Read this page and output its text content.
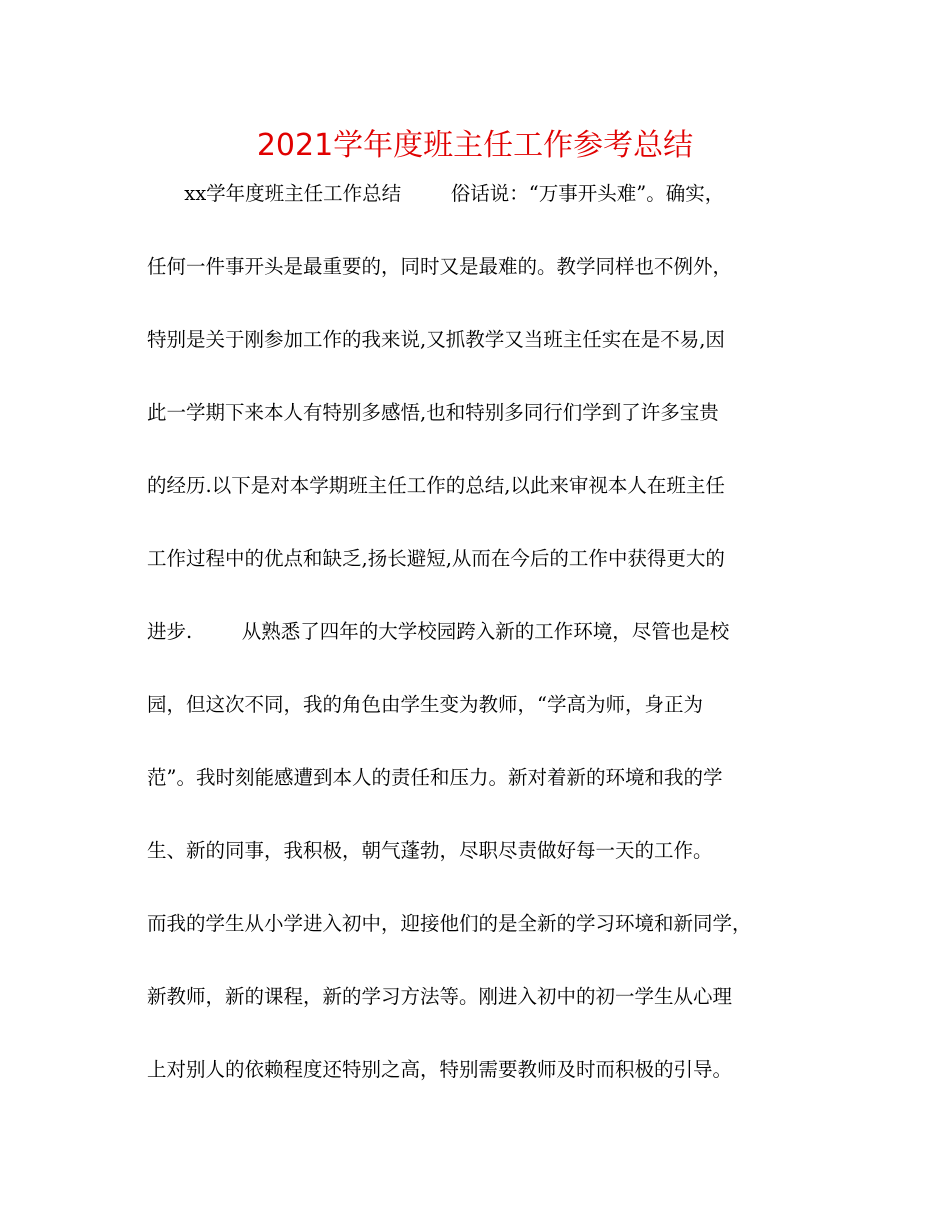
2021学年度班主任工作参考总结
xx学年度班主任工作总结        俗话说：“万事开头难”。确实，
任何一件事开头是最重要的，同时又是最难的。教学同样也不例外，
特别是关于刚参加工作的我来说,又抓教学又当班主任实在是不易,因
此一学期下来本人有特别多感悟,也和特别多同行们学到了许多宝贵
的经历.以下是对本学期班主任工作的总结,以此来审视本人在班主任
工作过程中的优点和缺乏,扬长避短,从而在今后的工作中获得更大的
进步.        从熟悉了四年的大学校园跨入新的工作环境，尽管也是校
园，但这次不同，我的角色由学生变为教师，“学高为师，身正为
范”。我时刻能感遭到本人的责任和压力。新对着新的环境和我的学
生、新的同事，我积极，朝气蓬勃，尽职尽责做好每一天的工作。
而我的学生从小学进入初中，迎接他们的是全新的学习环境和新同学，
新教师，新的课程，新的学习方法等。刚进入初中的初一学生从心理
上对别人的依赖程度还特别之高，特别需要教师及时而积极的引导。
